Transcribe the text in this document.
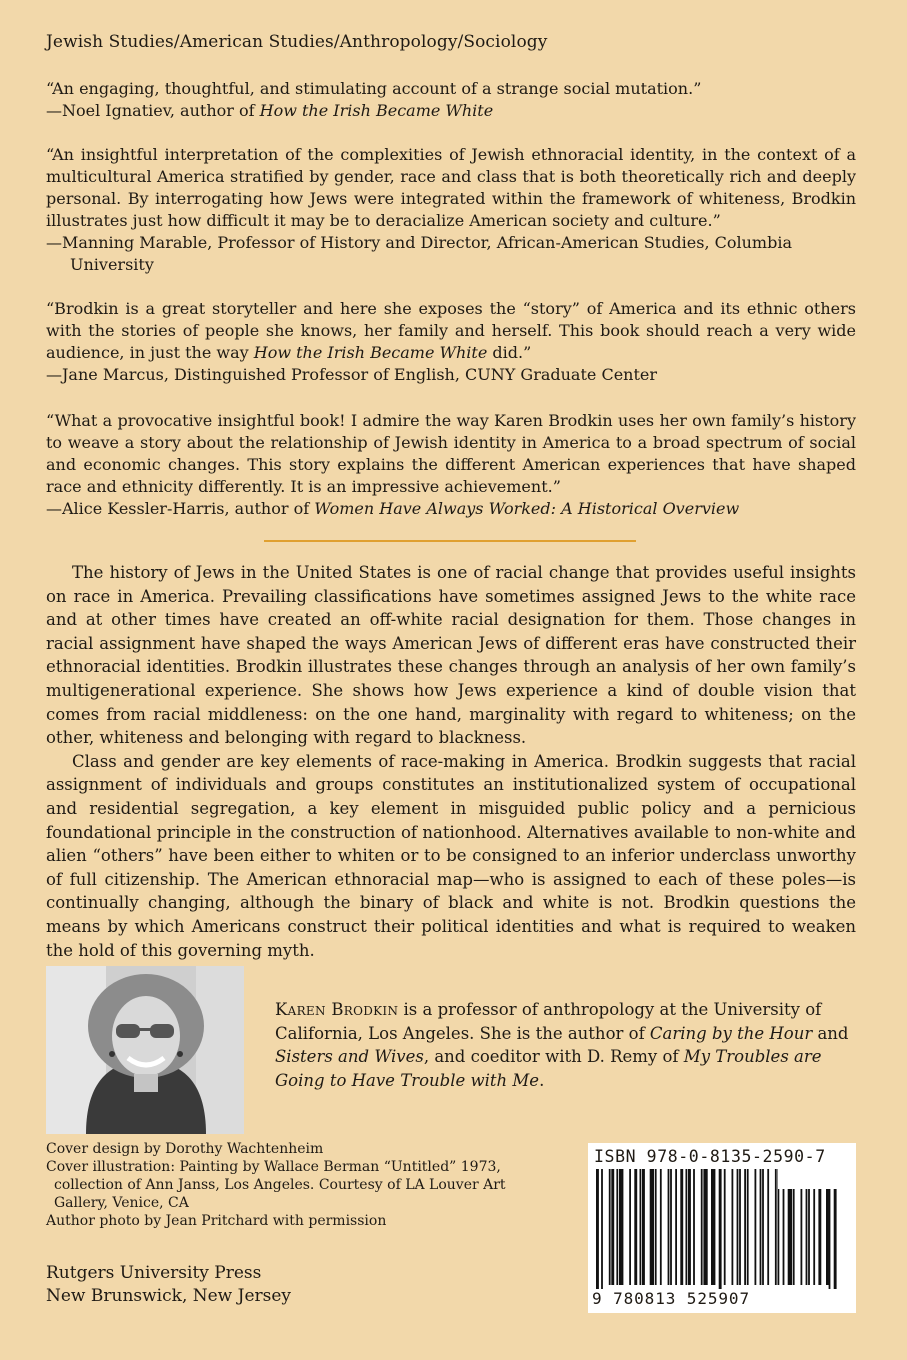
Jewish Studies/American Studies/Anthropology/Sociology

“An engaging, thoughtful, and stimulating account of a strange social mutation.”

—Noel Ignatiev, author of How the Irish Became White

“An insightful interpretation of the complexities of Jewish ethnoracial identity, in the context of a multicultural America stratified by gender, race and class that is both theoretically rich and deeply personal. By interrogating how Jews were integrated within the framework of whiteness, Brodkin illustrates just how difficult it may be to deracialize American society and culture.”

—Manning Marable, Professor of History and Director, African-American Studies, Columbia University

“Brodkin is a great storyteller and here she exposes the “story” of America and its ethnic others with the stories of people she knows, her family and herself. This book should reach a very wide audience, in just the way How the Irish Became White did.”

—Jane Marcus, Distinguished Professor of English, CUNY Graduate Center

“What a provocative insightful book! I admire the way Karen Brodkin uses her own family’s history to weave a story about the relationship of Jewish identity in America to a broad spectrum of social and economic changes. This story explains the different American experiences that have shaped race and ethnicity differently. It is an impressive achievement.”

—Alice Kessler-Harris, author of Women Have Always Worked: A Historical Overview

The history of Jews in the United States is one of racial change that provides useful insights on race in America. Prevailing classifications have sometimes assigned Jews to the white race and at other times have created an off-white racial designation for them. Those changes in racial assignment have shaped the ways American Jews of different eras have constructed their ethnoracial identities. Brodkin illustrates these changes through an analysis of her own family’s multigenerational experience. She shows how Jews experience a kind of double vision that comes from racial middleness: on the one hand, marginality with regard to whiteness; on the other, whiteness and belonging with regard to blackness.

Class and gender are key elements of race-making in America. Brodkin suggests that racial assignment of individuals and groups constitutes an institutionalized system of occupational and residential segregation, a key element in misguided public policy and a pernicious foundational principle in the construction of nationhood. Alternatives available to non-white and alien “others” have been either to whiten or to be consigned to an inferior underclass unworthy of full citizenship. The American ethnoracial map—who is assigned to each of these poles—is continually changing, although the binary of black and white is not. Brodkin questions the means by which Americans construct their political identities and what is required to weaken the hold of this governing myth.

Karen Brodkin is a professor of anthropology at the University of California, Los Angeles. She is the author of Caring by the Hour and Sisters and Wives, and coeditor with D. Remy of My Troubles are Going to Have Trouble with Me.

Cover design by Dorothy Wachtenheim

Cover illustration: Painting by Wallace Berman “Untitled” 1973, collection of Ann Janss, Los Angeles. Courtesy of LA Louver Art Gallery, Venice, CA

Author photo by Jean Pritchard with permission

Rutgers University Press

New Brunswick, New Jersey

ISBN 978-0-8135-2590-7
9 780813 525907
